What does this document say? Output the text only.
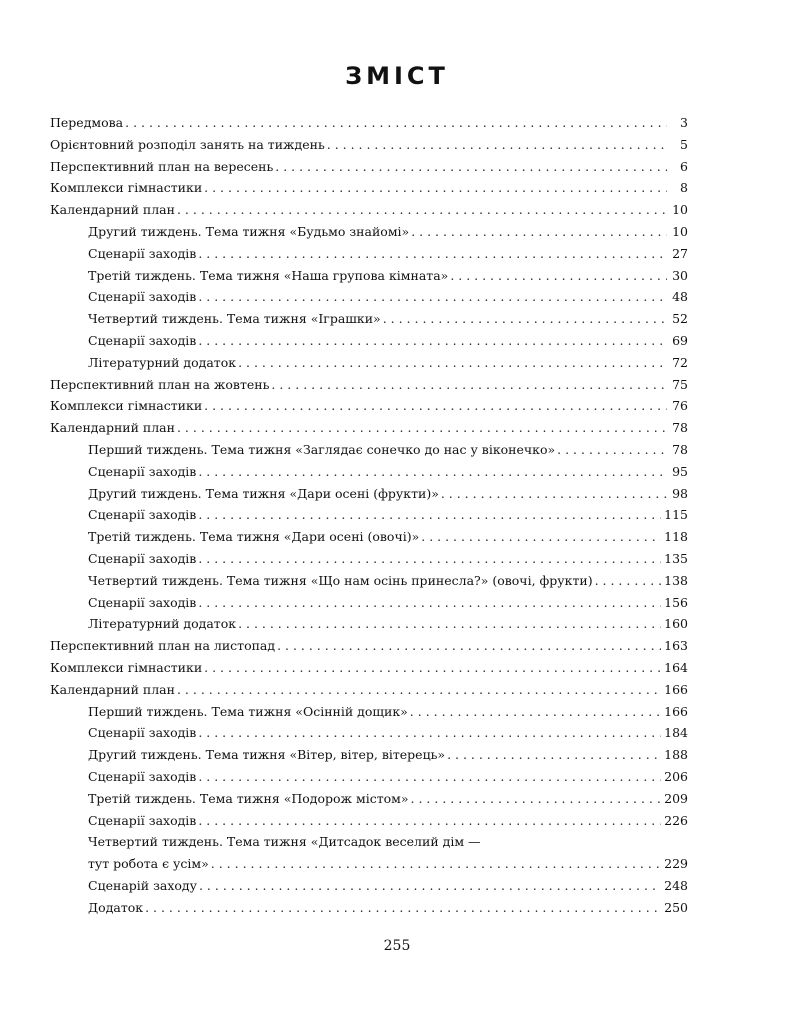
ЗМІСТ
Передмова . . .	3
Орієнтовний розподіл занять на тиждень . . .	5
Перспективний план на вересень . . .	6
Комплекси гімнастики . . .	8
Календарний план . . .	10
Другий тиждень. Тема тижня «Будьмо знайомі» . . .	10
Сценарії заходів . . .	27
Третій тиждень. Тема тижня «Наша групова кімната» . . .	30
Сценарії заходів . . .	48
Четвертий тиждень. Тема тижня «Іграшки» . . .	52
Сценарії заходів . . .	69
Літературний додаток . . .	72
Перспективний план на жовтень . . .	75
Комплекси гімнастики . . .	76
Календарний план . . .	78
Перший тиждень. Тема тижня «Заглядає сонечко до нас у віконечко» . . .	78
Сценарії заходів . . .	95
Другий тиждень. Тема тижня «Дари осені (фрукти)» . . .	98
Сценарії заходів . . .	115
Третій тиждень. Тема тижня «Дари осені (овочі)» . . .	118
Сценарії заходів . . .	135
Четвертий тиждень. Тема тижня «Що нам осінь принесла?» (овочі, фрукти) . . .	138
Сценарії заходів . . .	156
Літературний додаток . . .	160
Перспективний план на листопад . . .	163
Комплекси гімнастики . . .	164
Календарний план . . .	166
Перший тиждень. Тема тижня «Осінній дощик» . . .	166
Сценарії заходів . . .	184
Другий тиждень. Тема тижня «Вітер, вітер, вітерець» . . .	188
Сценарії заходів . . .	206
Третій тиждень. Тема тижня «Подорож містом» . . .	209
Сценарії заходів . . .	226
Четвертий тиждень. Тема тижня «Дитсадок веселий дім —
тут робота є усім» . . .	229
Сценарій заходу . . .	248
Додаток . . .	250
255
